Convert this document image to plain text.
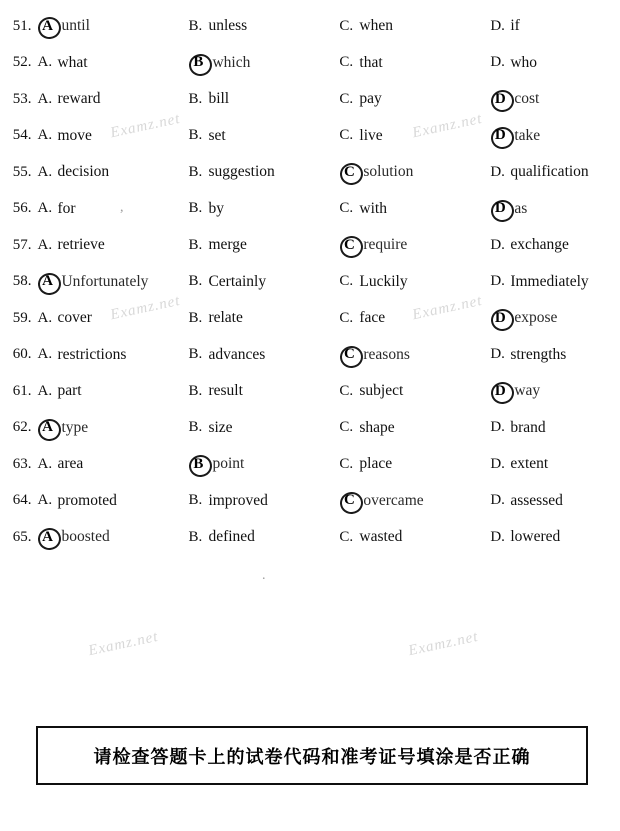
Examz.net	Examz.net
Examz.net	Examz.net
Examz.net	Examz.net
.
,
51. A until	B. unless	C. when	D. if
52. A. what	B which	C. that	D. who
53. A. reward	B. bill	C. pay	D cost
54. A. move	B. set	C. live	D take
55. A. decision	B. suggestion	C solution	D. qualification
56. A. for	B. by	C. with	D as
57. A. retrieve	B. merge	C require	D. exchange
58. A Unfortunately	B. Certainly	C. Luckily	D. Immediately
59. A. cover	B. relate	C. face	D expose
60. A. restrictions	B. advances	C reasons	D. strengths
61. A. part	B. result	C. subject	D way
62. A type	B. size	C. shape	D. brand
63. A. area	B point	C. place	D. extent
64. A. promoted	B. improved	C overcame	D. assessed
65. A boosted	B. defined	C. wasted	D. lowered
请检查答题卡上的试卷代码和准考证号填涂是否正确
